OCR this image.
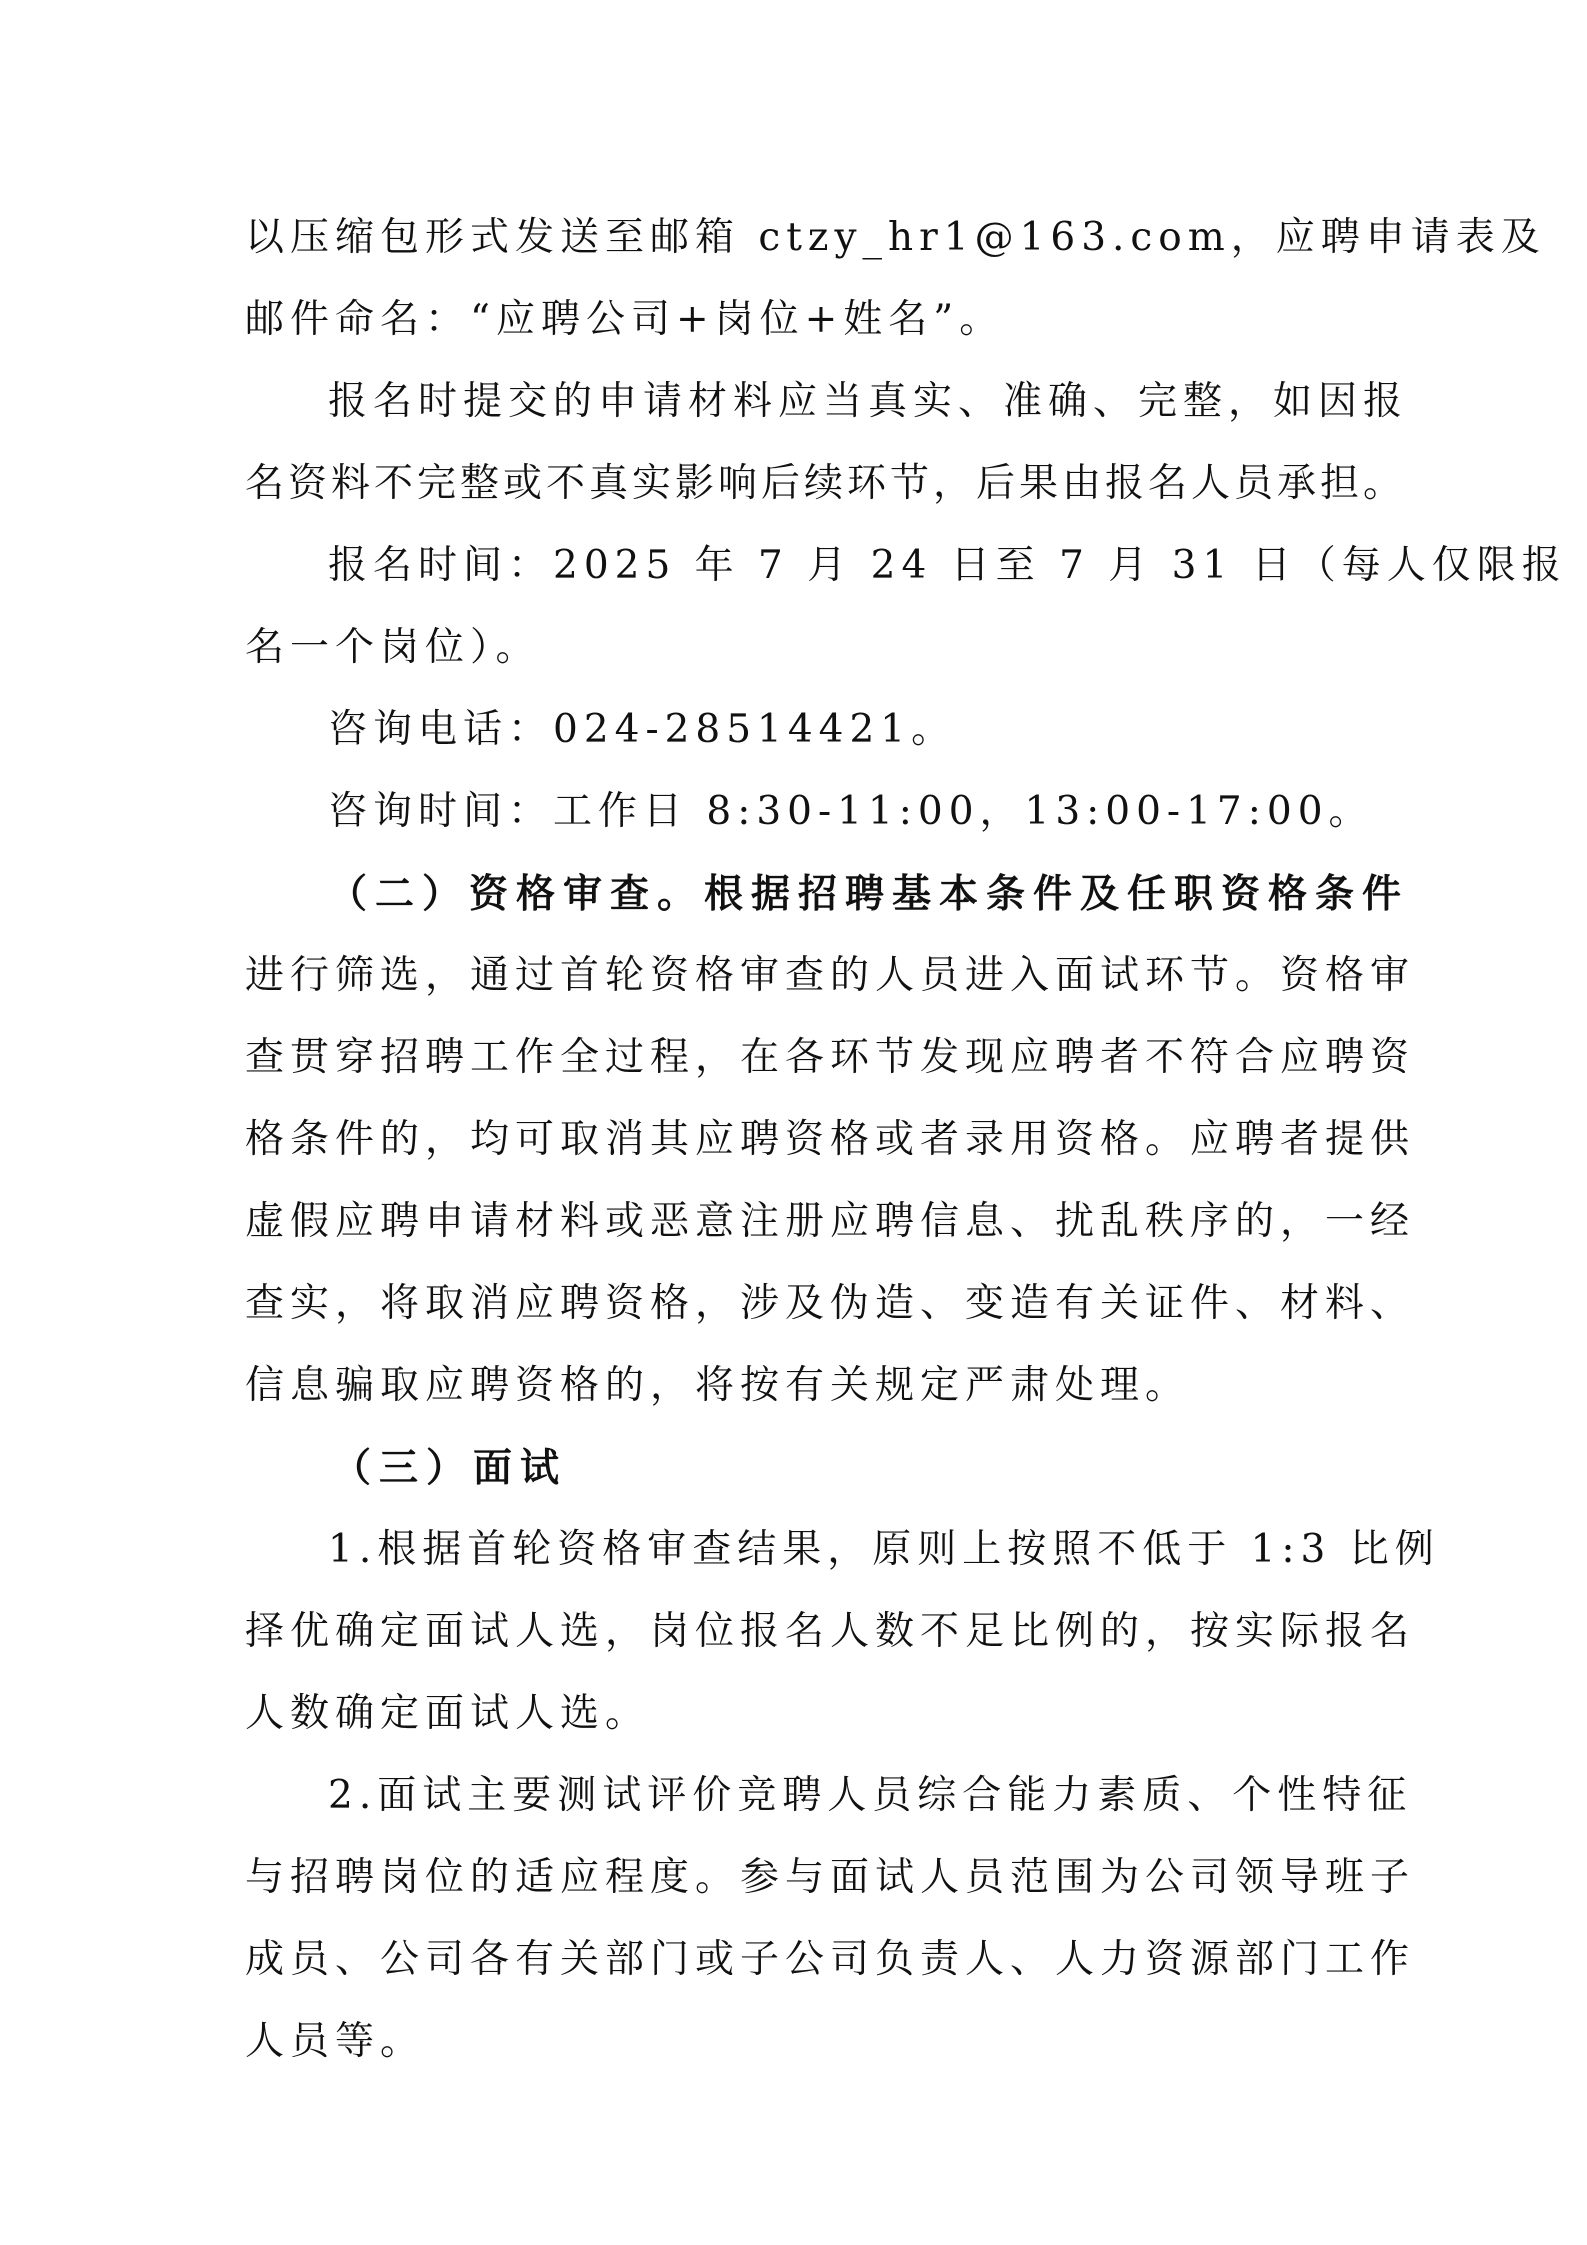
以压缩包形式发送至邮箱 ctzy_hr1@163.com，应聘申请表及
邮件命名：“应聘公司+岗位+姓名”。
报名时提交的申请材料应当真实、准确、完整，如因报
名资料不完整或不真实影响后续环节，后果由报名人员承担。
报名时间：2025 年 7 月 24 日至 7 月 31 日（每人仅限报
名一个岗位）。
咨询电话：024-28514421。
咨询时间：工作日 8:30-11:00，13:00-17:00。
（二）资格审查。根据招聘基本条件及任职资格条件
进行筛选，通过首轮资格审查的人员进入面试环节。资格审
查贯穿招聘工作全过程，在各环节发现应聘者不符合应聘资
格条件的，均可取消其应聘资格或者录用资格。应聘者提供
虚假应聘申请材料或恶意注册应聘信息、扰乱秩序的，一经
查实，将取消应聘资格，涉及伪造、变造有关证件、材料、
信息骗取应聘资格的，将按有关规定严肃处理。
（三）面试
1.根据首轮资格审查结果，原则上按照不低于 1:3 比例
择优确定面试人选，岗位报名人数不足比例的，按实际报名
人数确定面试人选。
2.面试主要测试评价竞聘人员综合能力素质、个性特征
与招聘岗位的适应程度。参与面试人员范围为公司领导班子
成员、公司各有关部门或子公司负责人、人力资源部门工作
人员等。
